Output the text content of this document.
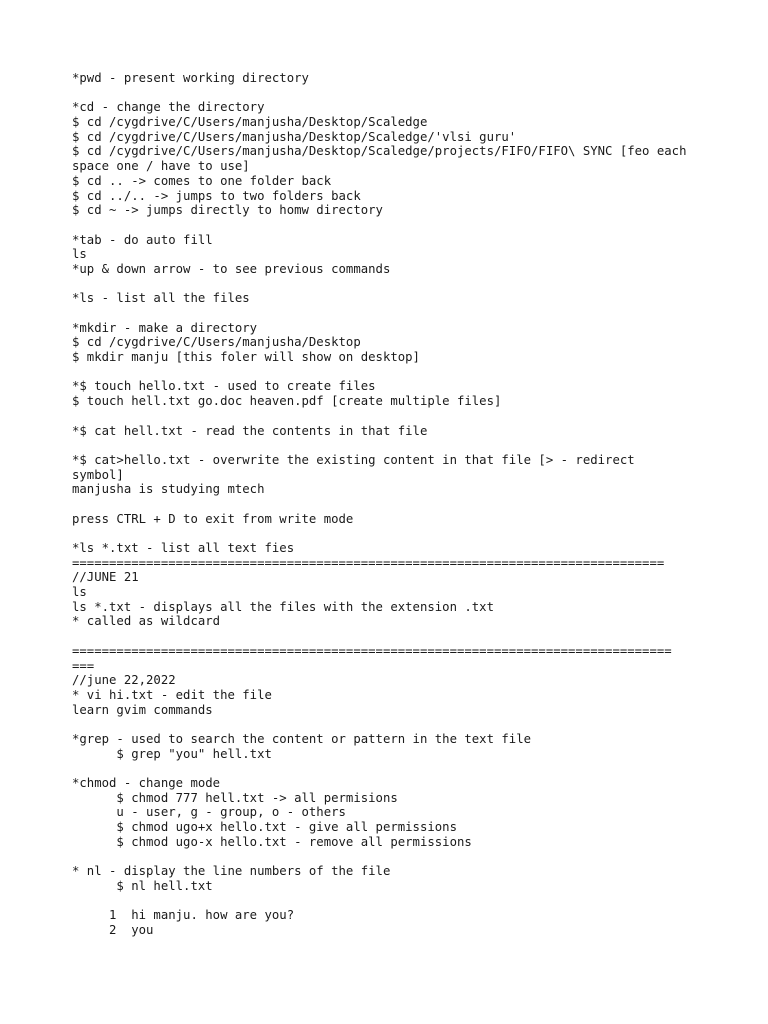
*pwd - present working directory
*cd - change the directory
$ cd /cygdrive/C/Users/manjusha/Desktop/Scaledge
$ cd /cygdrive/C/Users/manjusha/Desktop/Scaledge/'vlsi guru'
$ cd /cygdrive/C/Users/manjusha/Desktop/Scaledge/projects/FIFO/FIFO\ SYNC [feo each
space one / have to use]
$ cd .. -> comes to one folder back
$ cd ../.. -> jumps to two folders back
$ cd ~ -> jumps directly to homw directory
*tab - do auto fill
ls
*up & down arrow - to see previous commands
*ls - list all the files
*mkdir - make a directory
$ cd /cygdrive/C/Users/manjusha/Desktop
$ mkdir manju [this foler will show on desktop]
*$ touch hello.txt - used to create files
$ touch hell.txt go.doc heaven.pdf [create multiple files]
*$ cat hell.txt - read the contents in that file
*$ cat>hello.txt - overwrite the existing content in that file [> - redirect
symbol]
manjusha is studying mtech
press CTRL + D to exit from write mode
*ls *.txt - list all text fies
================================================================================
//JUNE 21
ls
ls *.txt - displays all the files with the extension .txt
* called as wildcard
=================================================================================
===
//june 22,2022
* vi hi.txt - edit the file
learn gvim commands
*grep - used to search the content or pattern in the text file
$ grep "you" hell.txt
*chmod - change mode
$ chmod 777 hell.txt -> all permisions
u - user, g - group, o - others
$ chmod ugo+x hello.txt - give all permissions
$ chmod ugo-x hello.txt - remove all permissions
* nl - display the line numbers of the file
$ nl hell.txt
1  hi manju. how are you?
2  you
